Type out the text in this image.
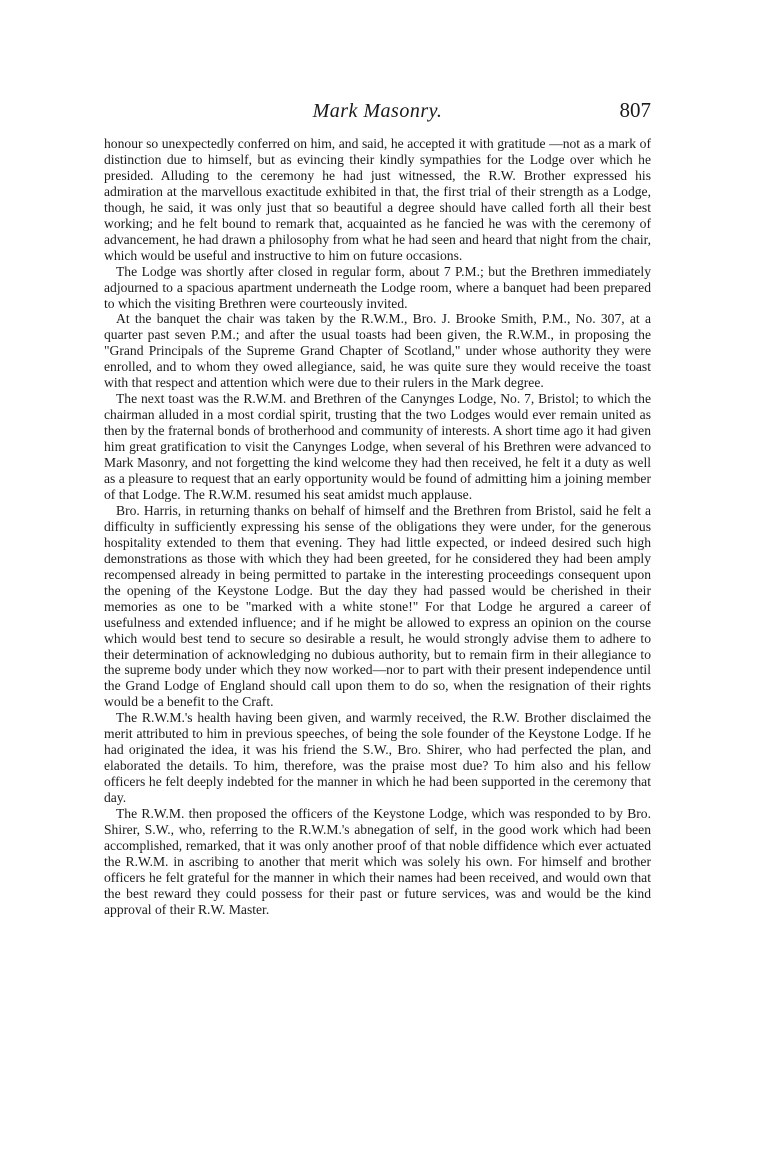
Mark Masonry.	807

honour so unexpectedly conferred on him, and said, he accepted it with gratitude —not as a mark of distinction due to himself, but as evincing their kindly sympathies for the Lodge over which he presided. Alluding to the ceremony he had just witnessed, the R.W. Brother expressed his admiration at the marvellous exactitude exhibited in that, the first trial of their strength as a Lodge, though, he said, it was only just that so beautiful a degree should have called forth all their best working; and he felt bound to remark that, acquainted as he fancied he was with the ceremony of advancement, he had drawn a philosophy from what he had seen and heard that night from the chair, which would be useful and instructive to him on future occasions.

The Lodge was shortly after closed in regular form, about 7 P.M.; but the Brethren immediately adjourned to a spacious apartment underneath the Lodge room, where a banquet had been prepared to which the visiting Brethren were courteously invited.

At the banquet the chair was taken by the R.W.M., Bro. J. Brooke Smith, P.M., No. 307, at a quarter past seven P.M.; and after the usual toasts had been given, the R.W.M., in proposing the "Grand Principals of the Supreme Grand Chapter of Scotland," under whose authority they were enrolled, and to whom they owed allegiance, said, he was quite sure they would receive the toast with that respect and attention which were due to their rulers in the Mark degree.

The next toast was the R.W.M. and Brethren of the Canynges Lodge, No. 7, Bristol; to which the chairman alluded in a most cordial spirit, trusting that the two Lodges would ever remain united as then by the fraternal bonds of brotherhood and community of interests. A short time ago it had given him great gratification to visit the Canynges Lodge, when several of his Brethren were advanced to Mark Masonry, and not forgetting the kind welcome they had then received, he felt it a duty as well as a pleasure to request that an early opportunity would be found of admitting him a joining member of that Lodge. The R.W.M. resumed his seat amidst much applause.

Bro. Harris, in returning thanks on behalf of himself and the Brethren from Bristol, said he felt a difficulty in sufficiently expressing his sense of the obligations they were under, for the generous hospitality extended to them that evening. They had little expected, or indeed desired such high demonstrations as those with which they had been greeted, for he considered they had been amply recompensed already in being permitted to partake in the interesting proceedings consequent upon the opening of the Keystone Lodge. But the day they had passed would be cherished in their memories as one to be "marked with a white stone!" For that Lodge he argured a career of usefulness and extended influence; and if he might be allowed to express an opinion on the course which would best tend to secure so desirable a result, he would strongly advise them to adhere to their determination of acknowledging no dubious authority, but to remain firm in their allegiance to the supreme body under which they now worked—nor to part with their present independence until the Grand Lodge of England should call upon them to do so, when the resignation of their rights would be a benefit to the Craft.

The R.W.M.'s health having been given, and warmly received, the R.W. Brother disclaimed the merit attributed to him in previous speeches, of being the sole founder of the Keystone Lodge. If he had originated the idea, it was his friend the S.W., Bro. Shirer, who had perfected the plan, and elaborated the details. To him, therefore, was the praise most due? To him also and his fellow officers he felt deeply indebted for the manner in which he had been supported in the ceremony that day.

The R.W.M. then proposed the officers of the Keystone Lodge, which was responded to by Bro. Shirer, S.W., who, referring to the R.W.M.'s abnegation of self, in the good work which had been accomplished, remarked, that it was only another proof of that noble diffidence which ever actuated the R.W.M. in ascribing to another that merit which was solely his own. For himself and brother officers he felt grateful for the manner in which their names had been received, and would own that the best reward they could possess for their past or future services, was and would be the kind approval of their R.W. Master.
